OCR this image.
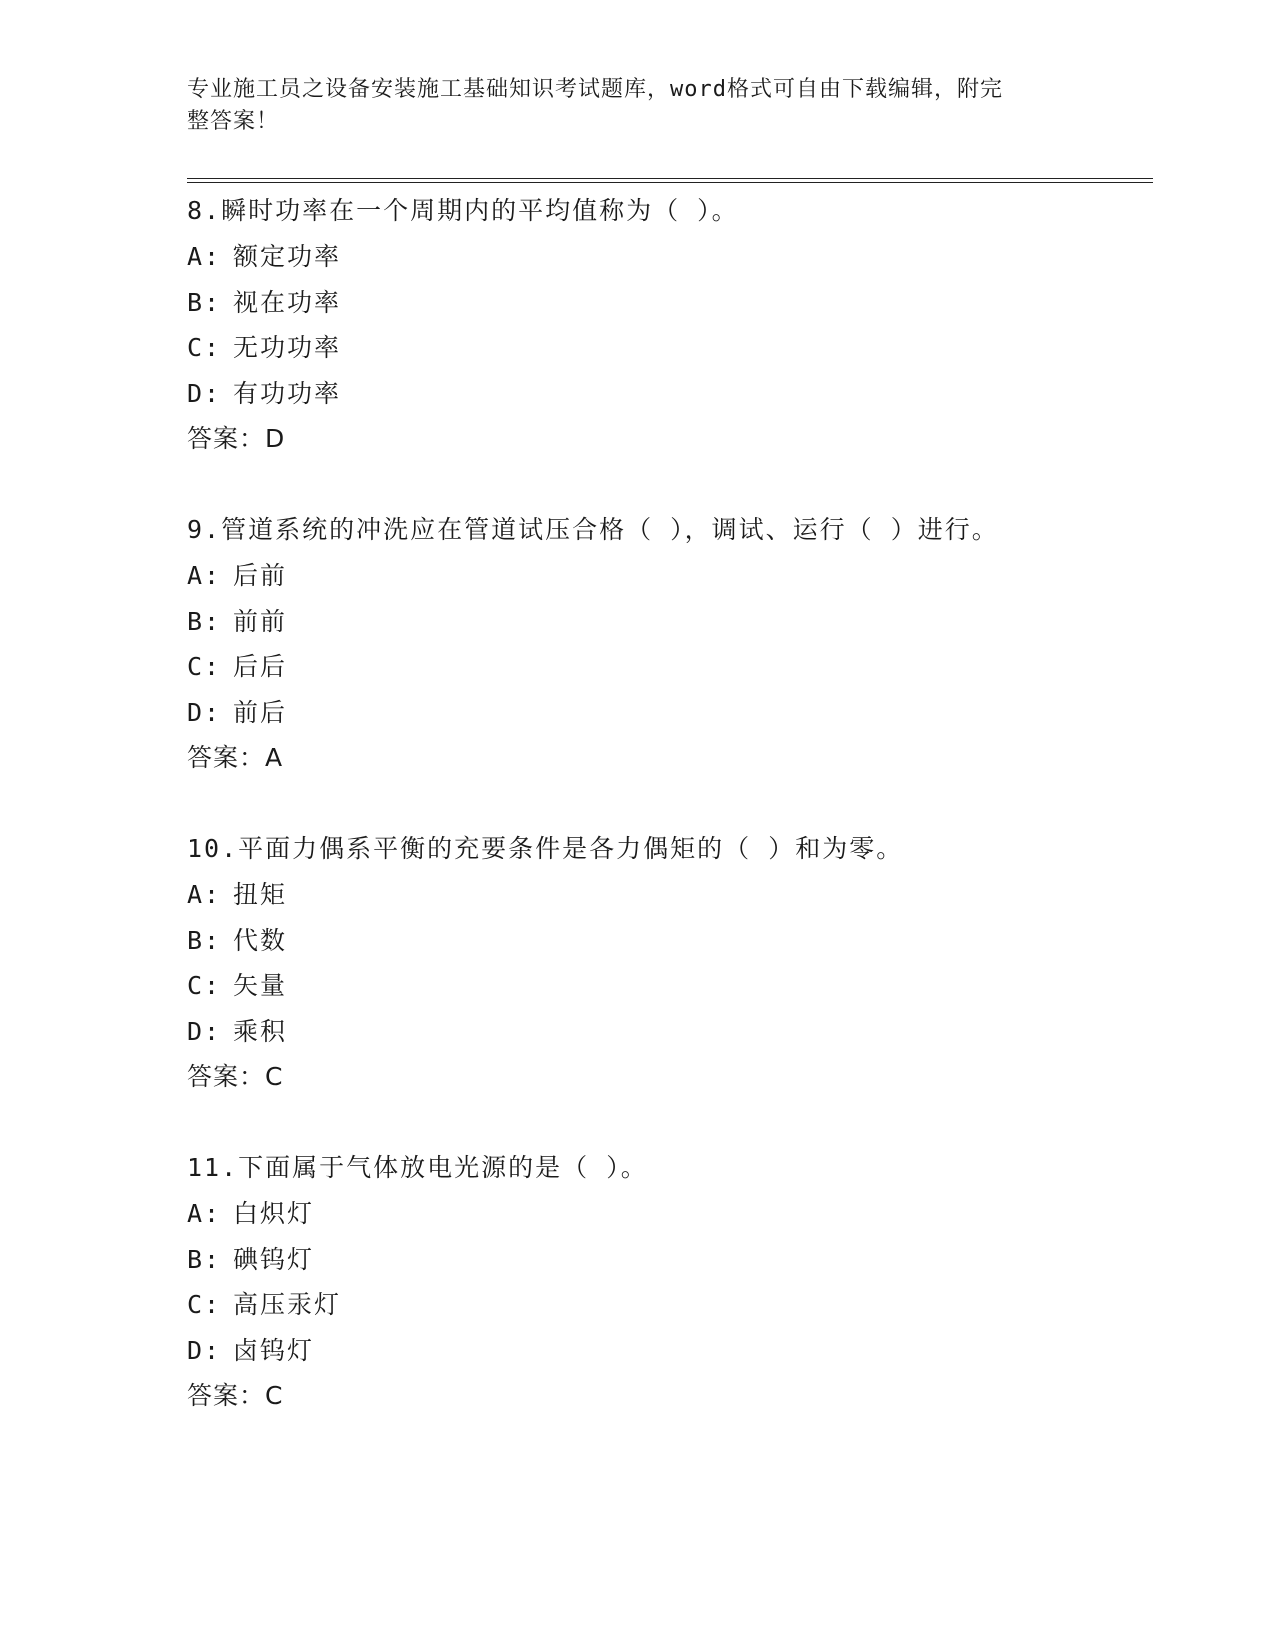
专业施工员之设备安装施工基础知识考试题库，word格式可自由下载编辑，附完
整答案！
8.瞬时功率在一个周期内的平均值称为（ ）。
A: 额定功率
B: 视在功率
C: 无功功率
D: 有功功率
答案：D
9.管道系统的冲洗应在管道试压合格（ ），调试、运行（ ）进行。
A: 后前
B: 前前
C: 后后
D: 前后
答案：A
10.平面力偶系平衡的充要条件是各力偶矩的（ ）和为零。
A: 扭矩
B: 代数
C: 矢量
D: 乘积
答案：C
11.下面属于气体放电光源的是（ ）。
A: 白炽灯
B: 碘钨灯
C: 高压汞灯
D: 卤钨灯
答案：C
